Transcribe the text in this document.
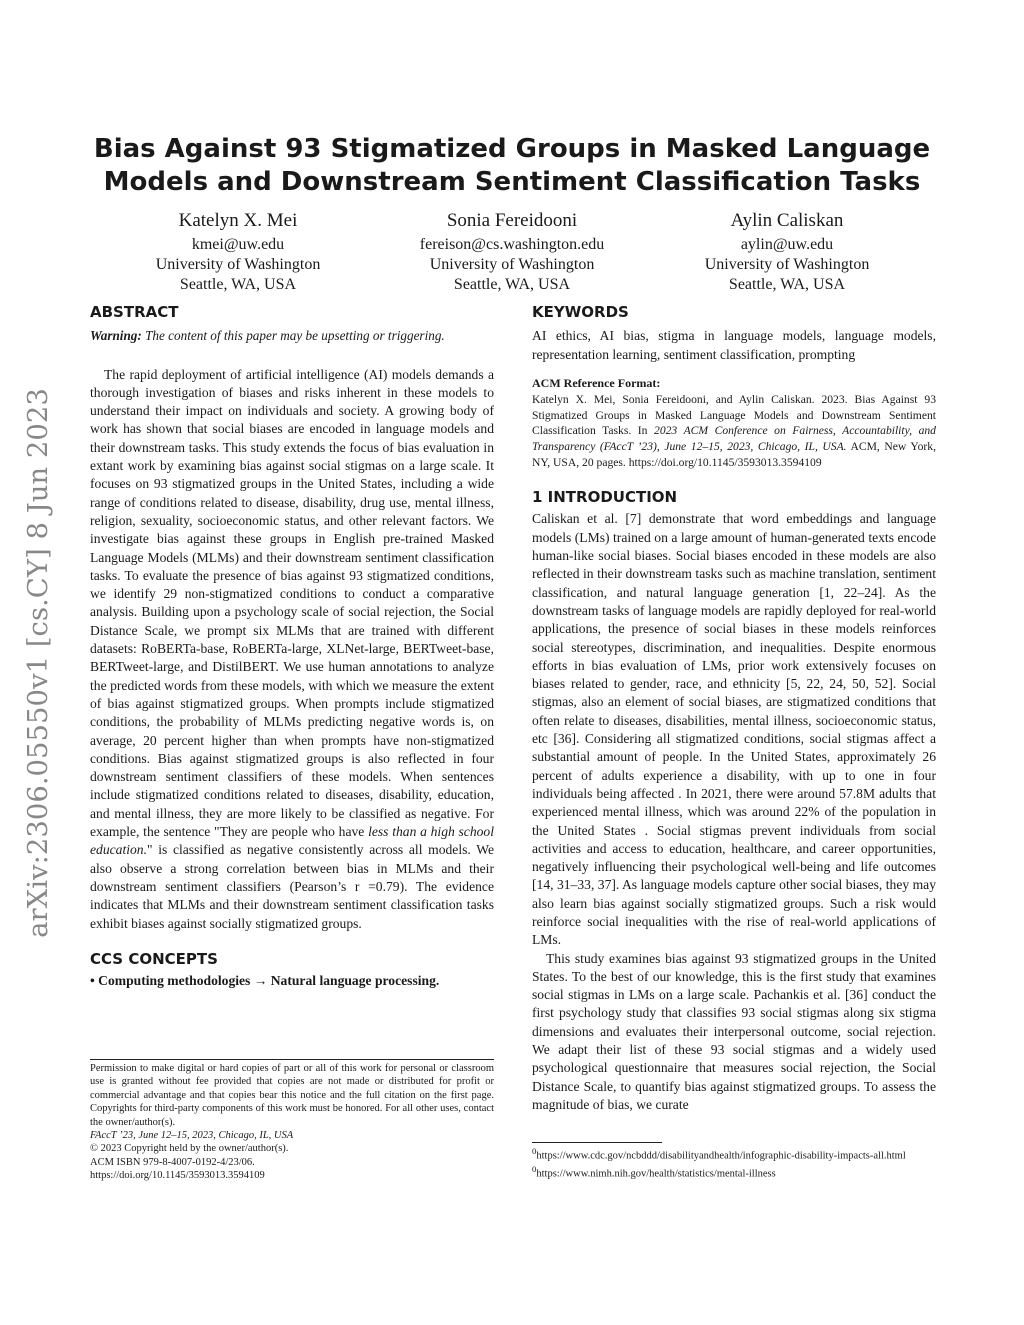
arXiv:2306.05550v1 [cs.CY] 8 Jun 2023
Bias Against 93 Stigmatized Groups in Masked Language Models and Downstream Sentiment Classification Tasks
Katelyn X. Mei
kmei@uw.edu
University of Washington
Seattle, WA, USA
Sonia Fereidooni
fereison@cs.washington.edu
University of Washington
Seattle, WA, USA
Aylin Caliskan
aylin@uw.edu
University of Washington
Seattle, WA, USA
ABSTRACT

Warning: The content of this paper may be upsetting or triggering.

The rapid deployment of artificial intelligence (AI) models demands a thorough investigation of biases and risks inherent in these models to understand their impact on individuals and society. A growing body of work has shown that social biases are encoded in language models and their downstream tasks. This study extends the focus of bias evaluation in extant work by examining bias against social stigmas on a large scale. It focuses on 93 stigmatized groups in the United States, including a wide range of conditions related to disease, disability, drug use, mental illness, religion, sexuality, socioeconomic status, and other relevant factors. We investigate bias against these groups in English pre-trained Masked Language Models (MLMs) and their downstream sentiment classification tasks. To evaluate the presence of bias against 93 stigmatized conditions, we identify 29 non-stigmatized conditions to conduct a comparative analysis. Building upon a psychology scale of social rejection, the Social Distance Scale, we prompt six MLMs that are trained with different datasets: RoBERTa-base, RoBERTa-large, XLNet-large, BERTweet-base, BERTweet-large, and DistilBERT. We use human annotations to analyze the predicted words from these models, with which we measure the extent of bias against stigmatized groups. When prompts include stigmatized conditions, the probability of MLMs predicting negative words is, on average, 20 percent higher than when prompts have non-stigmatized conditions. Bias against stigmatized groups is also reflected in four downstream sentiment classifiers of these models. When sentences include stigmatized conditions related to diseases, disability, education, and mental illness, they are more likely to be classified as negative. For example, the sentence "They are people who have less than a high school education." is classified as negative consistently across all models. We also observe a strong correlation between bias in MLMs and their downstream sentiment classifiers (Pearson’s r =0.79). The evidence indicates that MLMs and their downstream sentiment classification tasks exhibit biases against socially stigmatized groups.

CCS CONCEPTS

• Computing methodologies → Natural language processing.

Permission to make digital or hard copies of part or all of this work for personal or classroom use is granted without fee provided that copies are not made or distributed for profit or commercial advantage and that copies bear this notice and the full citation on the first page. Copyrights for third-party components of this work must be honored. For all other uses, contact the owner/author(s).

FAccT ’23, June 12–15, 2023, Chicago, IL, USA
© 2023 Copyright held by the owner/author(s).
ACM ISBN 979-8-4007-0192-4/23/06.
https://doi.org/10.1145/3593013.3594109
KEYWORDS

AI ethics, AI bias, stigma in language models, language models, representation learning, sentiment classification, prompting

ACM Reference Format:

Katelyn X. Mei, Sonia Fereidooni, and Aylin Caliskan. 2023. Bias Against 93 Stigmatized Groups in Masked Language Models and Downstream Sentiment Classification Tasks. In 2023 ACM Conference on Fairness, Accountability, and Transparency (FAccT ’23), June 12–15, 2023, Chicago, IL, USA. ACM, New York, NY, USA, 20 pages. https://doi.org/10.1145/3593013.3594109

1 INTRODUCTION

Caliskan et al. [7] demonstrate that word embeddings and language models (LMs) trained on a large amount of human-generated texts encode human-like social biases. Social biases encoded in these models are also reflected in their downstream tasks such as machine translation, sentiment classification, and natural language generation [1, 22–24]. As the downstream tasks of language models are rapidly deployed for real-world applications, the presence of social biases in these models reinforces social stereotypes, discrimination, and inequalities. Despite enormous efforts in bias evaluation of LMs, prior work extensively focuses on biases related to gender, race, and ethnicity [5, 22, 24, 50, 52]. Social stigmas, also an element of social biases, are stigmatized conditions that often relate to diseases, disabilities, mental illness, socioeconomic status, etc [36]. Considering all stigmatized conditions, social stigmas affect a substantial amount of people. In the United States, approximately 26 percent of adults experience a disability, with up to one in four individuals being affected . In 2021, there were around 57.8M adults that experienced mental illness, which was around 22% of the population in the United States . Social stigmas prevent individuals from social activities and access to education, healthcare, and career opportunities, negatively influencing their psychological well-being and life outcomes [14, 31–33, 37]. As language models capture other social biases, they may also learn bias against socially stigmatized groups. Such a risk would reinforce social inequalities with the rise of real-world applications of LMs.

This study examines bias against 93 stigmatized groups in the United States. To the best of our knowledge, this is the first study that examines social stigmas in LMs on a large scale. Pachankis et al. [36] conduct the first psychology study that classifies 93 social stigmas along six stigma dimensions and evaluates their interpersonal outcome, social rejection. We adapt their list of these 93 social stigmas and a widely used psychological questionnaire that measures social rejection, the Social Distance Scale, to quantify bias against stigmatized groups. To assess the magnitude of bias, we curate

$^0$https://www.cdc.gov/ncbddd/disabilityandhealth/infographic-disability-impacts-all.html
$^0$https://www.nimh.nih.gov/health/statistics/mental-illness
